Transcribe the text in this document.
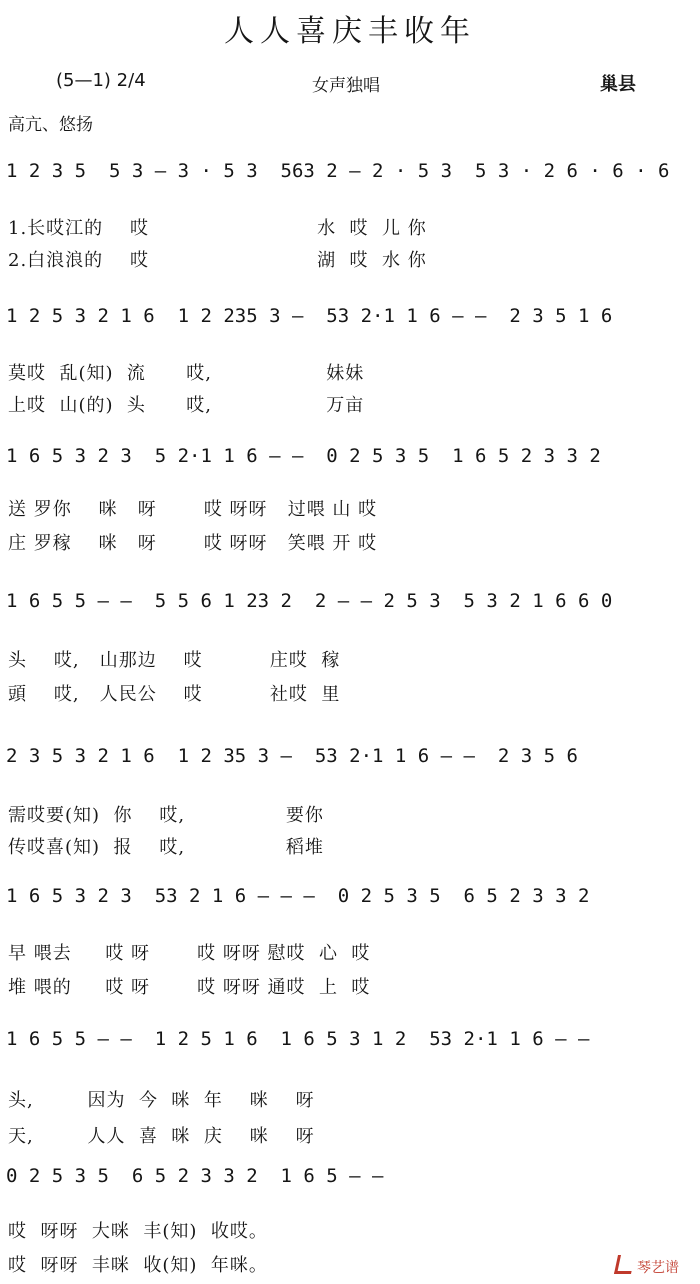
人人喜庆丰收年
(5—1) 2/4	女声独唱	巢县
高亢、悠扬
1 2 3 5  5 3 — 3 · 5 3  563 2 — 2 · 5 3  5 3 · 2 6 · 6 · 6
1.长哎江的    哎                         水  哎  儿 你
2.白浪浪的    哎                         湖  哎  水 你
1 2 5 3 2 1 6  1 2 235 3 —  53 2·1 1 6 — —  2 3 5 1 6
莫哎  乱(知)  流      哎,                 妹妹
上哎  山(的)  头      哎,                 万亩
1 6 5 3 2 3  5 2·1 1 6 — —  0 2 5 3 5  1 6 5 2 3 3 2
送 罗你    咪   呀       哎 呀呀   过喂 山 哎
庄 罗稼    咪   呀       哎 呀呀   笑喂 开 哎
1 6 5 5 — —  5 5 6 1 23 2  2 — — 2 5 3  5 3 2 1 6 6 0
头    哎,   山那边    哎          庄哎  稼
頭    哎,   人民公    哎          社哎  里
2 3 5 3 2 1 6  1 2 35 3 —  53 2·1 1 6 — —  2 3 5 6
需哎要(知)  你    哎,               要你
传哎喜(知)  报    哎,               稻堆
1 6 5 3 2 3  53 2 1 6 — — —  0 2 5 3 5  6 5 2 3 3 2
早 喂去     哎 呀       哎 呀呀 慰哎  心  哎
堆 喂的     哎 呀       哎 呀呀 通哎  上  哎
1 6 5 5 — —  1 2 5 1 6  1 6 5 3 1 2  53 2·1 1 6 — —
头,        因为  今  咪  年    咪    呀
天,        人人  喜  咪  庆    咪    呀
0 2 5 3 5  6 5 2 3 3 2  1 6 5 — —
哎  呀呀  大咪  丰(知)  收哎。
哎  呀呀  丰咪  收(知)  年咪。	琴艺谱
